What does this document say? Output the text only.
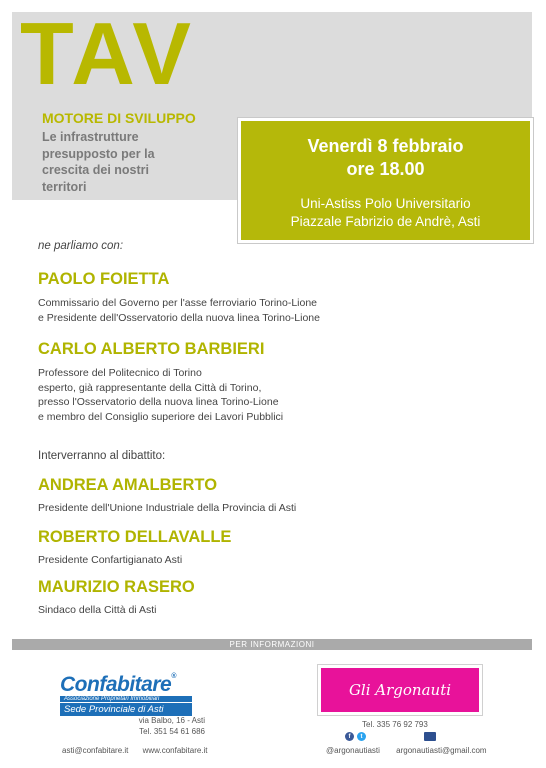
TAV
MOTORE DI SVILUPPO
Le infrastrutture
presupposto per la
crescita dei nostri
territori
Venerdì 8 febbraio
ore 18.00
Uni-Astiss Polo Universitario
Piazzale Fabrizio de Andrè, Asti
ne parliamo con:
PAOLO FOIETTA
Commissario del Governo per l'asse ferroviario Torino-Lione
e Presidente dell'Osservatorio della nuova linea Torino-Lione
CARLO ALBERTO BARBIERI
Professore del Politecnico di Torino
esperto, già rappresentante della Città di Torino,
presso l'Osservatorio della nuova linea Torino-Lione
e membro del Consiglio superiore dei Lavori Pubblici
Interverranno al dibattito:
ANDREA AMALBERTO
Presidente dell'Unione Industriale della Provincia di Asti
ROBERTO DELLAVALLE
Presidente Confartigianato Asti
MAURIZIO RASERO
Sindaco della Città di Asti
PER INFORMAZIONI
Confabitare®
Associazione Proprietari Immobiliari
Sede Provinciale di Asti
via Balbo, 16 - Asti
Tel. 351 54 61 686
asti@confabitare.it www.confabitare.it
Gli Argonauti
Tel. 335 76 92 793
f	t
@argonautiasti argonautiasti@gmail.com
